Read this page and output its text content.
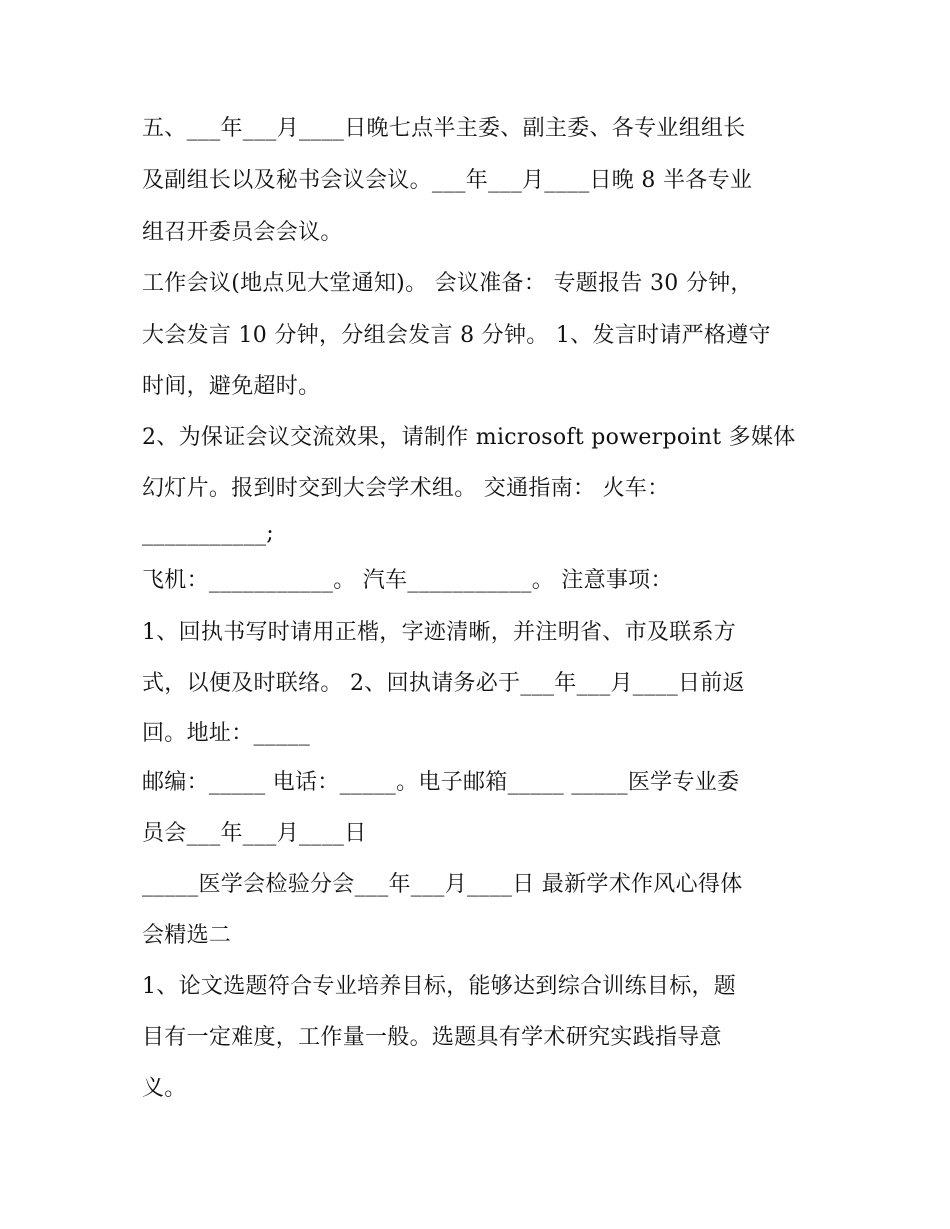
五、___年___月____日晚七点半主委、副主委、各专业组组长
及副组长以及秘书会议会议。___年___月____日晚 8 半各专业
组召开委员会会议。
工作会议(地点见大堂通知)。 会议准备： 专题报告 30 分钟，
大会发言 10 分钟，分组会发言 8 分钟。 1、发言时请严格遵守
时间，避免超时。
2、为保证会议交流效果，请制作 microsoft powerpoint 多媒体
幻灯片。报到时交到大会学术组。 交通指南： 火车：
___________;
飞机：___________。 汽车___________。 注意事项：
1、回执书写时请用正楷，字迹清晰，并注明省、市及联系方
式，以便及时联络。 2、回执请务必于___年___月____日前返
回。地址：_____
邮编：_____ 电话：_____。电子邮箱_____ _____医学专业委
员会___年___月____日
_____医学会检验分会___年___月____日 最新学术作风心得体
会精选二
1、论文选题符合专业培养目标，能够达到综合训练目标，题
目有一定难度，工作量一般。选题具有学术研究实践指导意
义。
